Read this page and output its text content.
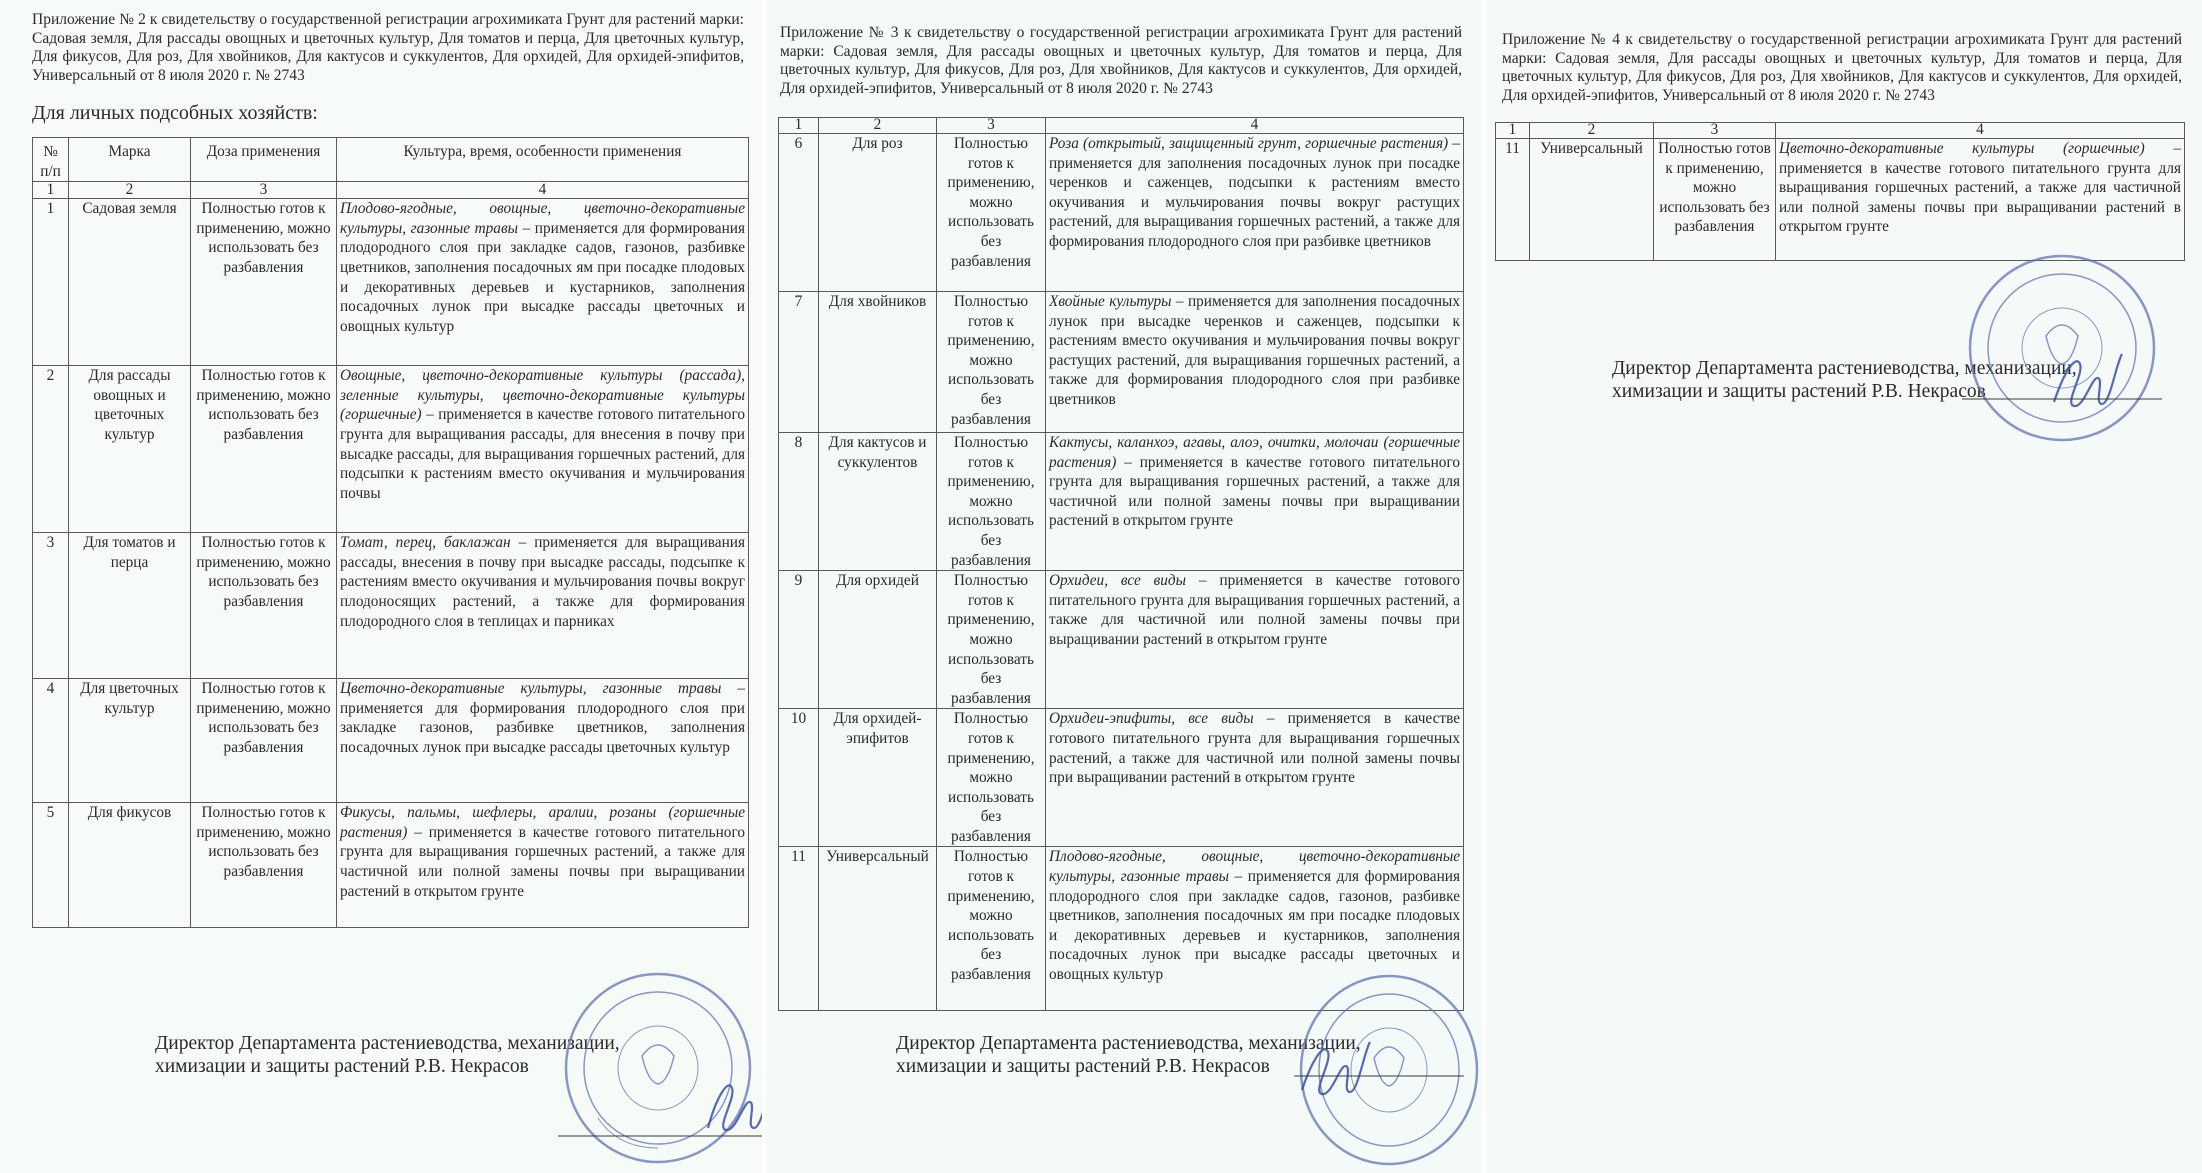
Приложение № 2 к свидетельству о государственной регистрации агрохимиката Грунт для растений марки: Садовая земля, Для рассады овощных и цветочных культур, Для томатов и перца, Для цветочных культур, Для фикусов, Для роз, Для хвойников, Для кактусов и суккулентов, Для орхидей, Для орхидей-эпифитов, Универсальный от 8 июля 2020 г. № 2743
Для личных подсобных хозяйств:
№ п/п	Марка	Доза применения	Культура, время, особенности применения
1	2	3	4
1	Садовая земля	Полностью готов к применению, можно использовать без разбавления	Плодово-ягодные, овощные, цветочно-декоративные культуры, газонные травы – применяется для формирования плодородного слоя при закладке садов, газонов, разбивке цветников, заполнения посадочных ям при посадке плодовых и декоративных деревьев и кустарников, заполнения посадочных лунок при высадке рассады цветочных и овощных культур
2	Для рассады овощных и цветочных культур	Полностью готов к применению, можно использовать без разбавления	Овощные, цветочно-декоративные культуры (рассада), зеленные культуры, цветочно-декоративные культуры (горшечные) – применяется в качестве готового питательного грунта для выращивания рассады, для внесения в почву при высадке рассады, для выращивания горшечных растений, для подсыпки к растениям вместо окучивания и мульчирования почвы
3	Для томатов и перца	Полностью готов к применению, можно использовать без разбавления	Томат, перец, баклажан – применяется для выращивания рассады, внесения в почву при высадке рассады, подсыпке к растениям вместо окучивания и мульчирования почвы вокруг плодоносящих растений, а также для формирования плодородного слоя в теплицах и парниках
4	Для цветочных культур	Полностью готов к применению, можно использовать без разбавления	Цветочно-декоративные культуры, газонные травы – применяется для формирования плодородного слоя при закладке газонов, разбивке цветников, заполнения посадочных лунок при высадке рассады цветочных культур
5	Для фикусов	Полностью готов к применению, можно использовать без разбавления	Фикусы, пальмы, шефлеры, аралии, розаны (горшечные растения) – применяется в качестве готового питательного грунта для выращивания горшечных растений, а также для частичной или полной замены почвы при выращивании растений в открытом грунте
Директор Департамента растениеводства, механизации,
химизации и защиты растений Р.В. Некрасов
Приложение № 3 к свидетельству о государственной регистрации агрохимиката Грунт для растений марки: Садовая земля, Для рассады овощных и цветочных культур, Для томатов и перца, Для цветочных культур, Для фикусов, Для роз, Для хвойников, Для кактусов и суккулентов, Для орхидей, Для орхидей-эпифитов, Универсальный от 8 июля 2020 г. № 2743
1	2	3	4
6	Для роз	Полностью готов к применению, можно использовать без разбавления	Роза (открытый, защищенный грунт, горшечные растения) – применяется для заполнения посадочных лунок при посадке черенков и саженцев, подсыпки к растениям вместо окучивания и мульчирования почвы вокруг растущих растений, для выращивания горшечных растений, а также для формирования плодородного слоя при разбивке цветников
7	Для хвойников	Полностью готов к применению, можно использовать без разбавления	Хвойные культуры – применяется для заполнения посадочных лунок при высадке черенков и саженцев, подсыпки к растениям вместо окучивания и мульчирования почвы вокруг растущих растений, для выращивания горшечных растений, а также для формирования плодородного слоя при разбивке цветников
8	Для кактусов и суккулентов	Полностью готов к применению, можно использовать без разбавления	Кактусы, каланхоэ, агавы, алоэ, очитки, молочаи (горшечные растения) – применяется в качестве готового питательного грунта для выращивания горшечных растений, а также для частичной или полной замены почвы при выращивании растений в открытом грунте
9	Для орхидей	Полностью готов к применению, можно использовать без разбавления	Орхидеи, все виды – применяется в качестве готового питательного грунта для выращивания горшечных растений, а также для частичной или полной замены почвы при выращивании растений в открытом грунте
10	Для орхидей-эпифитов	Полностью готов к применению, можно использовать без разбавления	Орхидеи-эпифиты, все виды – применяется в качестве готового питательного грунта для выращивания горшечных растений, а также для частичной или полной замены почвы при выращивании растений в открытом грунте
11	Универсальный	Полностью готов к применению, можно использовать без разбавления	Плодово-ягодные, овощные, цветочно-декоративные культуры, газонные травы – применяется для формирования плодородного слоя при закладке садов, газонов, разбивке цветников, заполнения посадочных ям при посадке плодовых и декоративных деревьев и кустарников, заполнения посадочных лунок при высадке рассады цветочных и овощных культур
Директор Департамента растениеводства, механизации,
химизации и защиты растений Р.В. Некрасов
Приложение № 4 к свидетельству о государственной регистрации агрохимиката Грунт для растений марки: Садовая земля, Для рассады овощных и цветочных культур, Для томатов и перца, Для цветочных культур, Для фикусов, Для роз, Для хвойников, Для кактусов и суккулентов, Для орхидей, Для орхидей-эпифитов, Универсальный от 8 июля 2020 г. № 2743
1	2	3	4
11	Универсальный	Полностью готов к применению, можно использовать без разбавления	Цветочно-декоративные культуры (горшечные) – применяется в качестве готового питательного грунта для выращивания горшечных растений, а также для частичной или полной замены почвы при выращивании растений в открытом грунте
Директор Департамента растениеводства, механизации,
химизации и защиты растений Р.В. Некрасов
